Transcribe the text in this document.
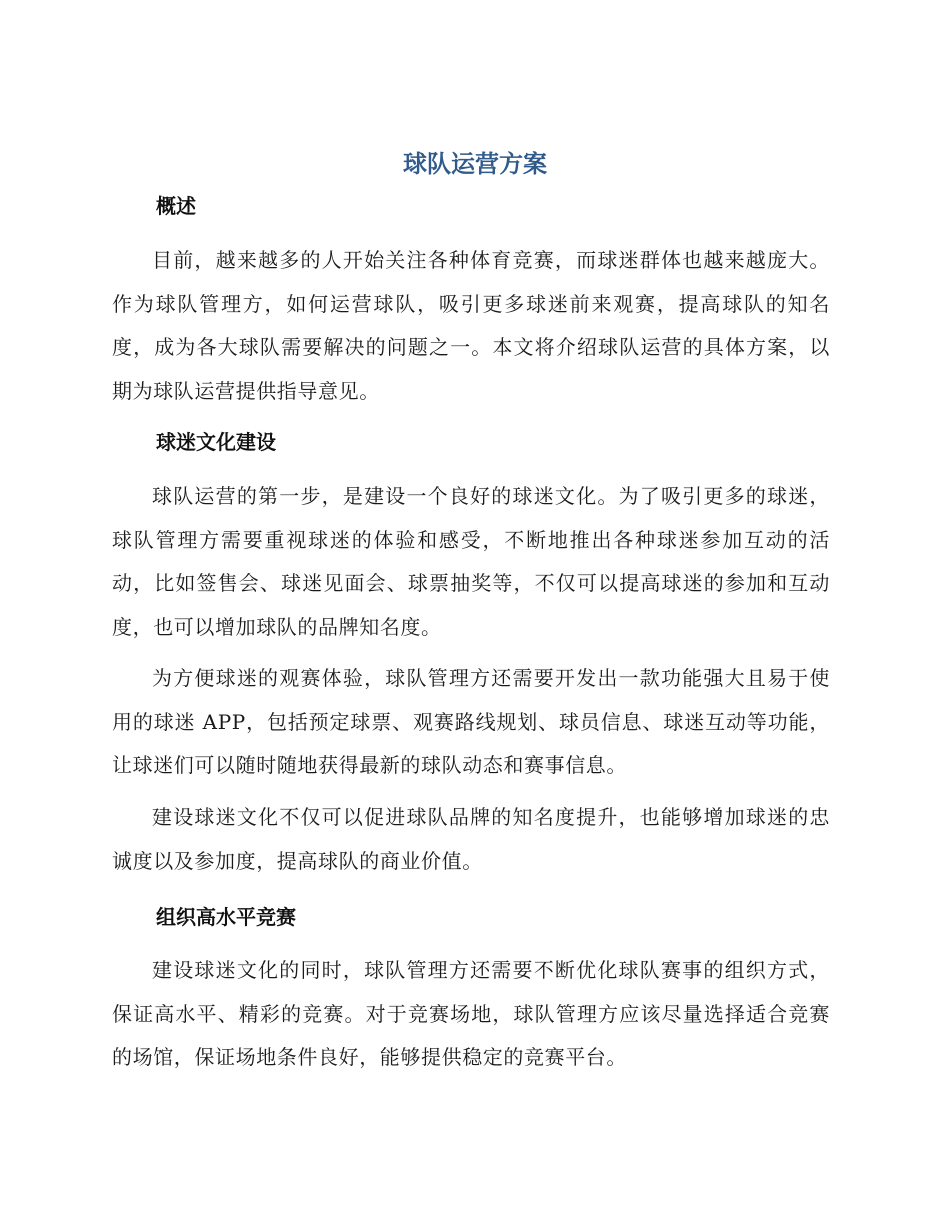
球队运营方案
概述

目前，越来越多的人开始关注各种体育竞赛，而球迷群体也越来越庞大。作为球队管理方，如何运营球队，吸引更多球迷前来观赛，提高球队的知名度，成为各大球队需要解决的问题之一。本文将介绍球队运营的具体方案，以期为球队运营提供指导意见。

球迷文化建设

球队运营的第一步，是建设一个良好的球迷文化。为了吸引更多的球迷，球队管理方需要重视球迷的体验和感受，不断地推出各种球迷参加互动的活动，比如签售会、球迷见面会、球票抽奖等，不仅可以提高球迷的参加和互动度，也可以增加球队的品牌知名度。

为方便球迷的观赛体验，球队管理方还需要开发出一款功能强大且易于使用的球迷 APP，包括预定球票、观赛路线规划、球员信息、球迷互动等功能，让球迷们可以随时随地获得最新的球队动态和赛事信息。

建设球迷文化不仅可以促进球队品牌的知名度提升，也能够增加球迷的忠诚度以及参加度，提高球队的商业价值。

组织高水平竞赛

建设球迷文化的同时，球队管理方还需要不断优化球队赛事的组织方式，保证高水平、精彩的竞赛。对于竞赛场地，球队管理方应该尽量选择适合竞赛的场馆，保证场地条件良好，能够提供稳定的竞赛平台。
